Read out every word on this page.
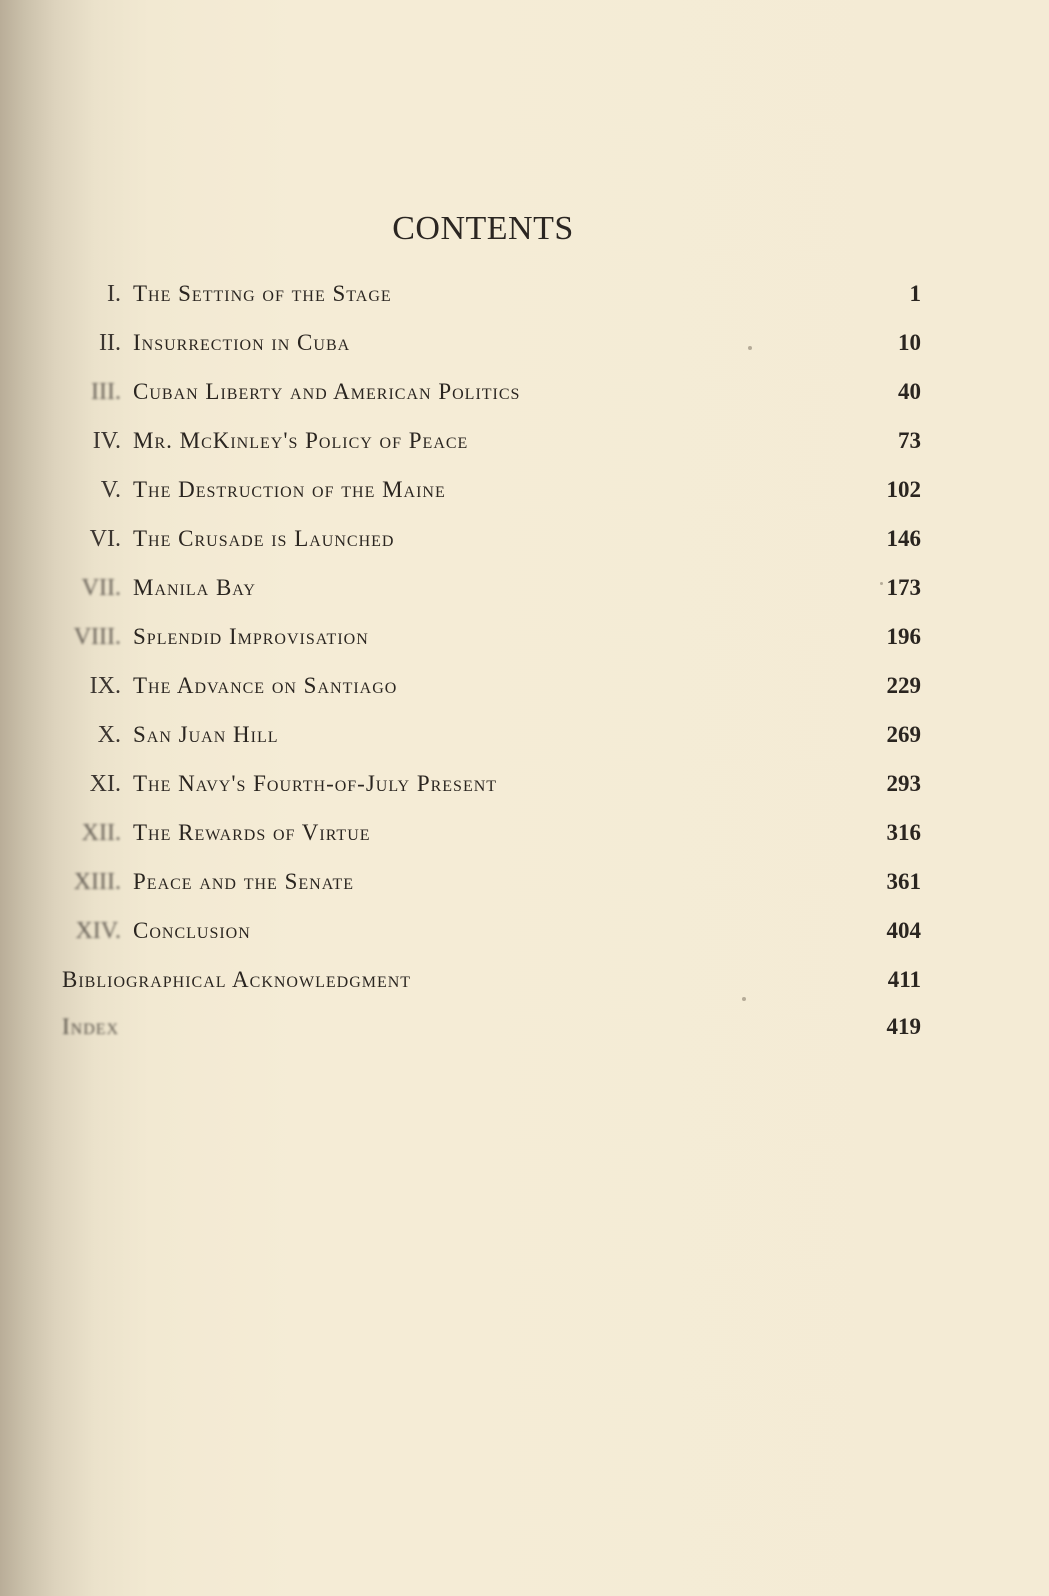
CONTENTS
I. The Setting of the Stage	1
II. Insurrection in Cuba	10
III. Cuban Liberty and American Politics	40
IV. Mr. McKinley's Policy of Peace	73
V. The Destruction of the Maine	102
VI. The Crusade is Launched	146
VII. Manila Bay	173
VIII. Splendid Improvisation	196
IX. The Advance on Santiago	229
X. San Juan Hill	269
XI. The Navy's Fourth-of-July Present	293
XII. The Rewards of Virtue	316
XIII. Peace and the Senate	361
XIV. Conclusion	404
Bibliographical Acknowledgment	411
Index	419
